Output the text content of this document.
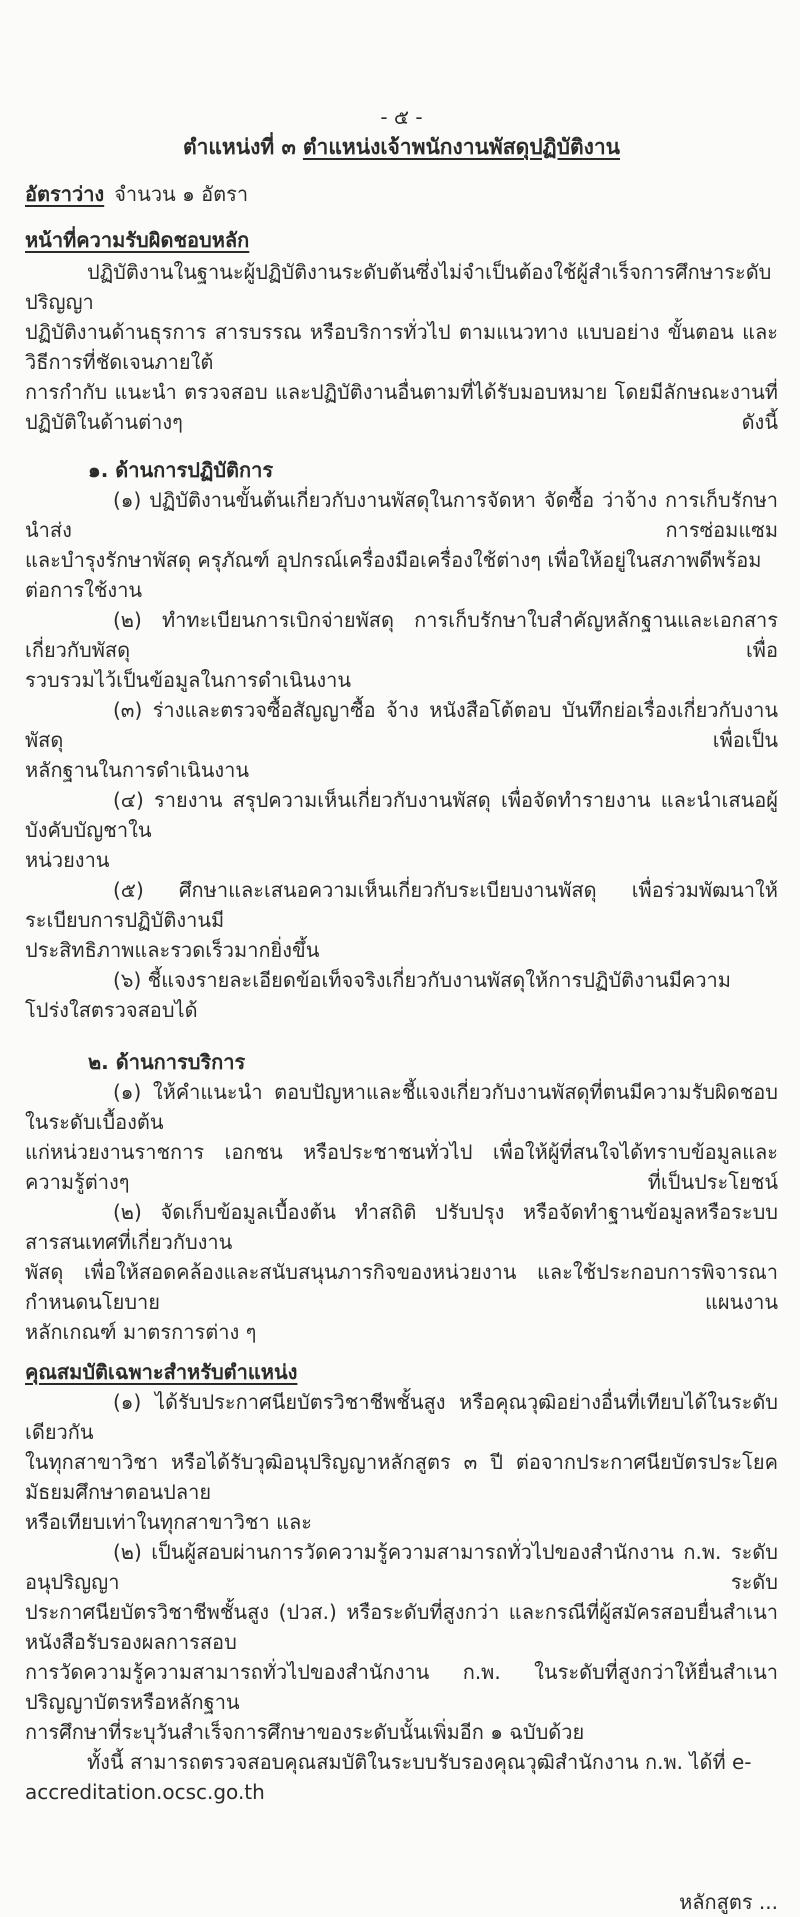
- ๕ -
ตำแหน่งที่ ๓ ตำแหน่งเจ้าพนักงานพัสดุปฏิบัติงาน
อัตราว่าง จำนวน ๑ อัตรา
หน้าที่ความรับผิดชอบหลัก
ปฏิบัติงานในฐานะผู้ปฏิบัติงานระดับต้นซึ่งไม่จำเป็นต้องใช้ผู้สำเร็จการศึกษาระดับปริญญา
ปฏิบัติงานด้านธุรการ สารบรรณ หรือบริการทั่วไป ตามแนวทาง แบบอย่าง ขั้นตอน และวิธีการที่ชัดเจนภายใต้
การกำกับ แนะนำ ตรวจสอบ และปฏิบัติงานอื่นตามที่ได้รับมอบหมาย โดยมีลักษณะงานที่ปฏิบัติในด้านต่างๆ ดังนี้
๑. ด้านการปฏิบัติการ
(๑) ปฏิบัติงานขั้นต้นเกี่ยวกับงานพัสดุในการจัดหา จัดซื้อ ว่าจ้าง การเก็บรักษา นำส่ง การซ่อมแซม
และบำรุงรักษาพัสดุ ครุภัณฑ์ อุปกรณ์เครื่องมือเครื่องใช้ต่างๆ เพื่อให้อยู่ในสภาพดีพร้อมต่อการใช้งาน
(๒) ทำทะเบียนการเบิกจ่ายพัสดุ การเก็บรักษาใบสำคัญหลักฐานและเอกสารเกี่ยวกับพัสดุ เพื่อ
รวบรวมไว้เป็นข้อมูลในการดำเนินงาน
(๓) ร่างและตรวจซื้อสัญญาซื้อ จ้าง หนังสือโต้ตอบ บันทึกย่อเรื่องเกี่ยวกับงานพัสดุ เพื่อเป็น
หลักฐานในการดำเนินงาน
(๔) รายงาน สรุปความเห็นเกี่ยวกับงานพัสดุ เพื่อจัดทำรายงาน และนำเสนอผู้บังคับบัญชาใน
หน่วยงาน
(๕) ศึกษาและเสนอความเห็นเกี่ยวกับระเบียบงานพัสดุ เพื่อร่วมพัฒนาให้ระเบียบการปฏิบัติงานมี
ประสิทธิภาพและรวดเร็วมากยิ่งขึ้น
(๖) ชี้แจงรายละเอียดข้อเท็จจริงเกี่ยวกับงานพัสดุให้การปฏิบัติงานมีความโปร่งใสตรวจสอบได้
๒. ด้านการบริการ
(๑) ให้คำแนะนำ ตอบปัญหาและชี้แจงเกี่ยวกับงานพัสดุที่ตนมีความรับผิดชอบในระดับเบื้องต้น
แก่หน่วยงานราชการ เอกชน หรือประชาชนทั่วไป เพื่อให้ผู้ที่สนใจได้ทราบข้อมูลและความรู้ต่างๆ ที่เป็นประโยชน์
(๒) จัดเก็บข้อมูลเบื้องต้น ทำสถิติ ปรับปรุง หรือจัดทำฐานข้อมูลหรือระบบสารสนเทศที่เกี่ยวกับงาน
พัสดุ เพื่อให้สอดคล้องและสนับสนุนภารกิจของหน่วยงาน และใช้ประกอบการพิจารณากำหนดนโยบาย แผนงาน
หลักเกณฑ์ มาตรการต่าง ๆ
คุณสมบัติเฉพาะสำหรับตำแหน่ง
(๑) ได้รับประกาศนียบัตรวิชาชีพชั้นสูง หรือคุณวุฒิอย่างอื่นที่เทียบได้ในระดับเดียวกัน
ในทุกสาขาวิชา หรือได้รับวุฒิอนุปริญญาหลักสูตร ๓ ปี ต่อจากประกาศนียบัตรประโยคมัธยมศึกษาตอนปลาย
หรือเทียบเท่าในทุกสาขาวิชา และ
(๒) เป็นผู้สอบผ่านการวัดความรู้ความสามารถทั่วไปของสำนักงาน ก.พ. ระดับอนุปริญญา ระดับ
ประกาศนียบัตรวิชาชีพชั้นสูง (ปวส.) หรือระดับที่สูงกว่า และกรณีที่ผู้สมัครสอบยื่นสำเนาหนังสือรับรองผลการสอบ
การวัดความรู้ความสามารถทั่วไปของสำนักงาน ก.พ. ในระดับที่สูงกว่าให้ยื่นสำเนาปริญญาบัตรหรือหลักฐาน
การศึกษาที่ระบุวันสำเร็จการศึกษาของระดับนั้นเพิ่มอีก ๑ ฉบับด้วย
ทั้งนี้ สามารถตรวจสอบคุณสมบัติในระบบรับรองคุณวุฒิสำนักงาน ก.พ. ได้ที่ e-accreditation.ocsc.go.th
หลักสูตร ...
